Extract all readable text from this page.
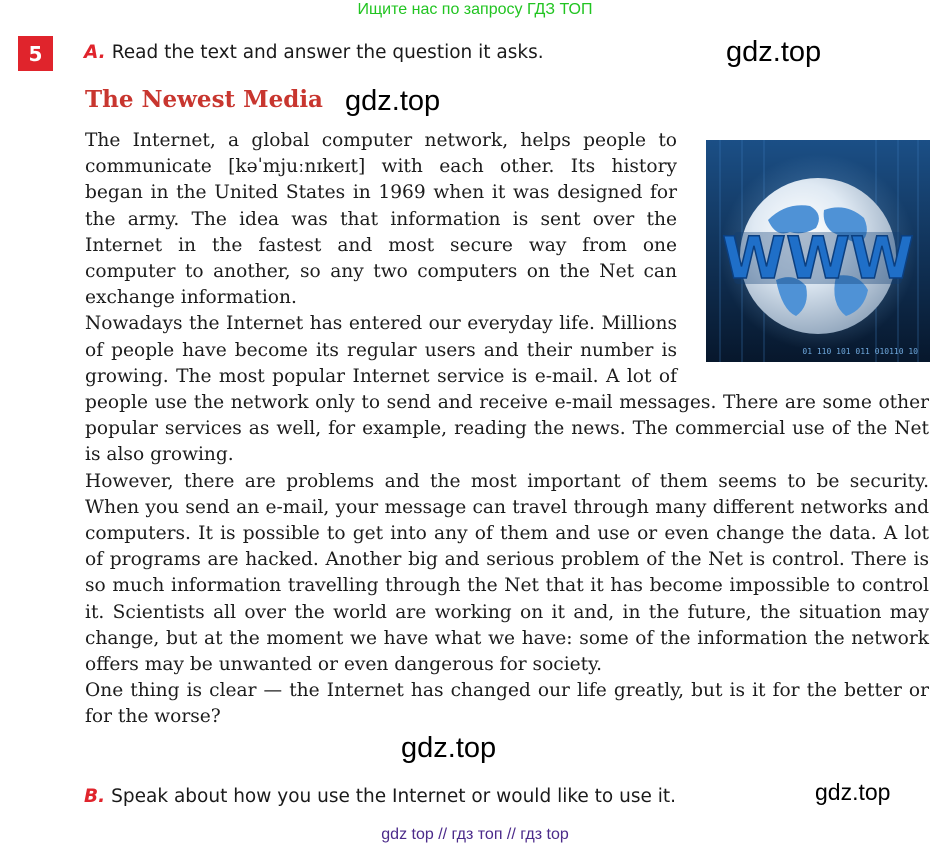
Ищите нас по запросу ГДЗ ТОП
5	A. Read the text and answer the question it asks.	gdz.top
The Newest Media gdz.top

The Internet, a global computer network, helps people to communicate [kəˈmjuːnɪkeɪt] with each other. Its history began in the United States in 1969 when it was designed for the army. The idea was that information is sent over the Internet in the fastest and most secure way from one computer to another, so any two computers on the Net can exchange information.

Nowadays the Internet has entered our everyday life. Millions of people have become its regular users and their number is growing. The most popular Internet service is e-mail. A lot of people use the network only to send and receive e-mail messages. There are some other popular services as well, for example, reading the news. The commercial use of the Net is also growing.

However, there are problems and the most important of them seems to be security. When you send an e-mail, your message can travel through many different networks and computers. It is possible to get into any of them and use or even change the data. A lot of programs are hacked. Another big and serious problem of the Net is control. There is so much information travelling through the Net that it has become impossible to control it. Scientists all over the world are working on it and, in the future, the situation may change, but at the moment we have what we have: some of the information the network offers may be unwanted or even dangerous for society.

One thing is clear — the Internet has changed our life greatly, but is it for the better or for the worse?

WWW
01 110 101 011 010110 10
gdz.top
B. Speak about how you use the Internet or would like to use it.	gdz.top
gdz top // гдз топ // гдз top
